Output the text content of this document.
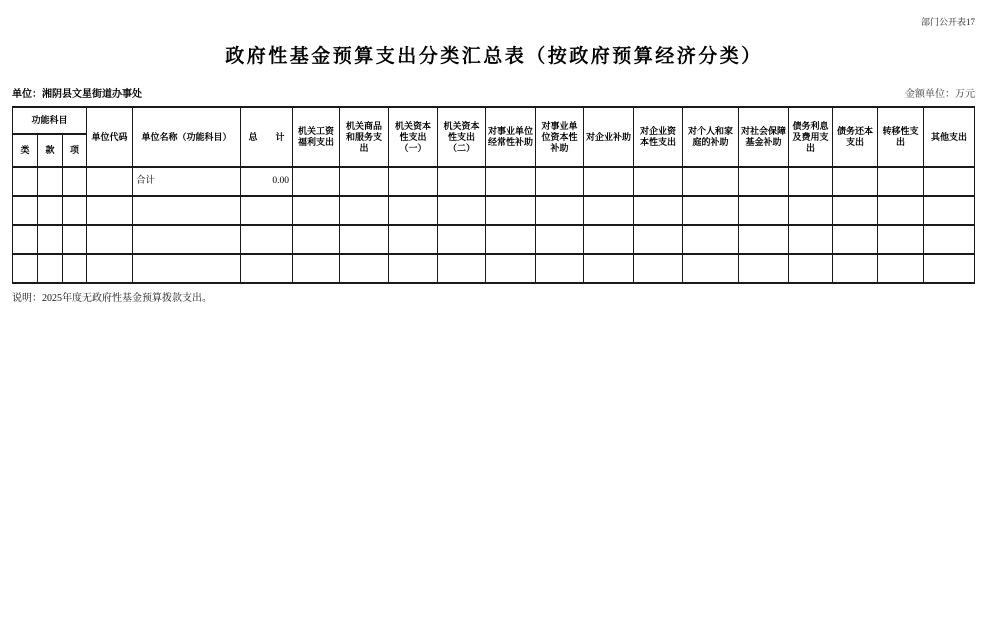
部门公开表17
政府性基金预算支出分类汇总表（按政府预算经济分类）
单位：湘阴县文星街道办事处	金额单位：万元
功能科目			单位代码	单位名称（功能科目）	总　　计	机关工资福利支出	机关商品和服务支出	机关资本性支出（一）	机关资本性支出（二）	对事业单位经常性补助	对事业单位资本性补助	对企业补助	对企业资本性支出	对个人和家庭的补助	对社会保障基金补助	债务利息及费用支出	债务还本支出	转移性支出	其他支出
类	款	项																	
				合计	0.00														

说明：2025年度无政府性基金预算拨款支出。
